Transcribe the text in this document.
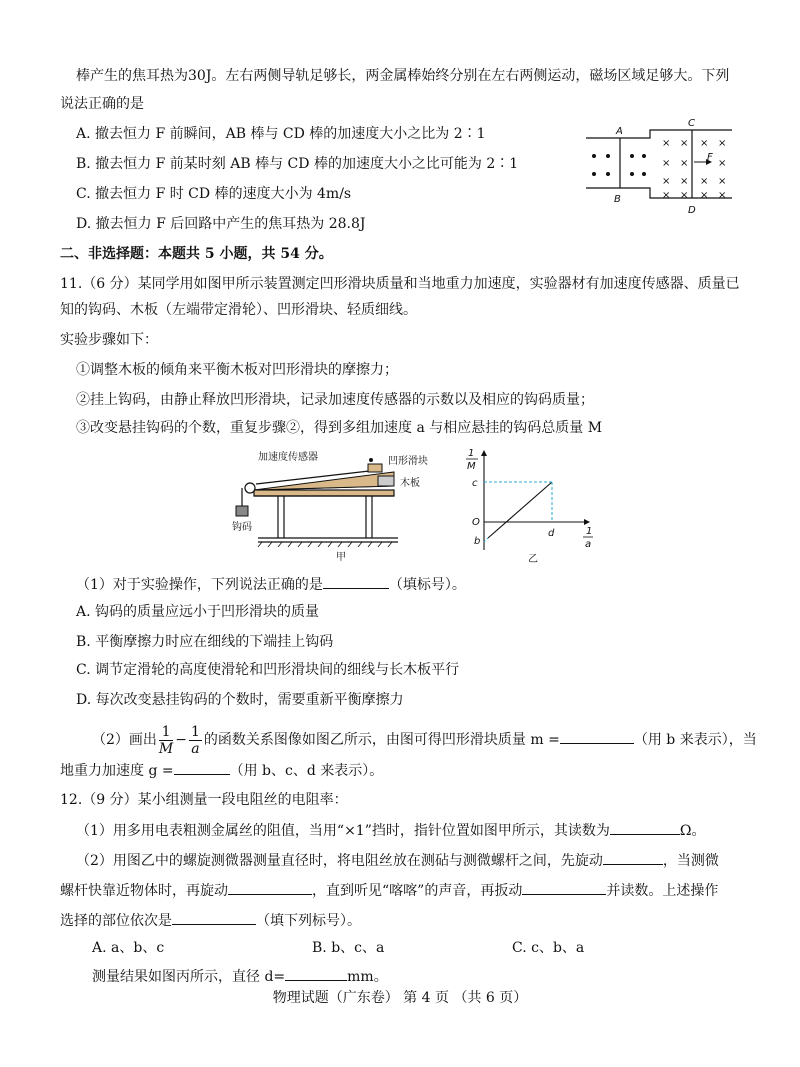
棒产生的焦耳热为30J。左右两侧导轨足够长，两金属棒始终分别在左右两侧运动，磁场区域足够大。下列
说法正确的是
A. 撤去恒力 F 前瞬间，AB 棒与 CD 棒的加速度大小之比为 2∶1
B. 撤去恒力 F 前某时刻 AB 棒与 CD 棒的加速度大小之比可能为 2∶1
C. 撤去恒力 F 时 CD 棒的速度大小为 4m/s
D. 撤去恒力 F 后回路中产生的焦耳热为 28.8J
× × × ×
× ×	×
× × × ×
× × × ×
A
B
C
D
F
二、非选择题：本题共 5 小题，共 54 分。
11.（6 分）某同学用如图甲所示装置测定凹形滑块质量和当地重力加速度，实验器材有加速度传感器、质量已
知的钩码、木板（左端带定滑轮）、凹形滑块、轻质细线。
实验步骤如下：
①调整木板的倾角来平衡木板对凹形滑块的摩擦力；
②挂上钩码，由静止释放凹形滑块，记录加速度传感器的示数以及相应的钩码质量；
③改变悬挂钩码的个数，重复步骤②，得到多组加速度 a 与相应悬挂的钩码总质量 M
加速度传感器	凹形滑块
木板
钩码
甲
1
M
c
O
b
d	1
a
乙
（1）对于实验操作，下列说法正确的是	（填标号）。
A. 钩码的质量应远小于凹形滑块的质量
B. 平衡摩擦力时应在细线的下端挂上钩码
C. 调节定滑轮的高度使滑轮和凹形滑块间的细线与长木板平行
D. 每次改变悬挂钩码的个数时，需要重新平衡摩擦力
（2）画出 $\frac{1}{M} - \frac{1}{a}$ 的函数关系图像如图乙所示，由图可得凹形滑块质量 m =	（用 b 来表示），当
地重力加速度 g =	（用 b、c、d 来表示）。
12.（9 分）某小组测量一段电阻丝的电阻率：
（1）用多用电表粗测金属丝的阻值，当用“×1”挡时，指针位置如图甲所示，其读数为	Ω。
（2）用图乙中的螺旋测微器测量直径时，将电阻丝放在测砧与测微螺杆之间，先旋动	，当测微
螺杆快靠近物体时，再旋动	，直到听见“喀喀”的声音，再扳动	并读数。上述操作
选择的部位依次是	（填下列标号）。
A. a、b、c	B. b、c、a	C. c、b、a
测量结果如图丙所示，直径 d=	mm。
物理试题（广东卷） 第 4 页 （共 6 页）
